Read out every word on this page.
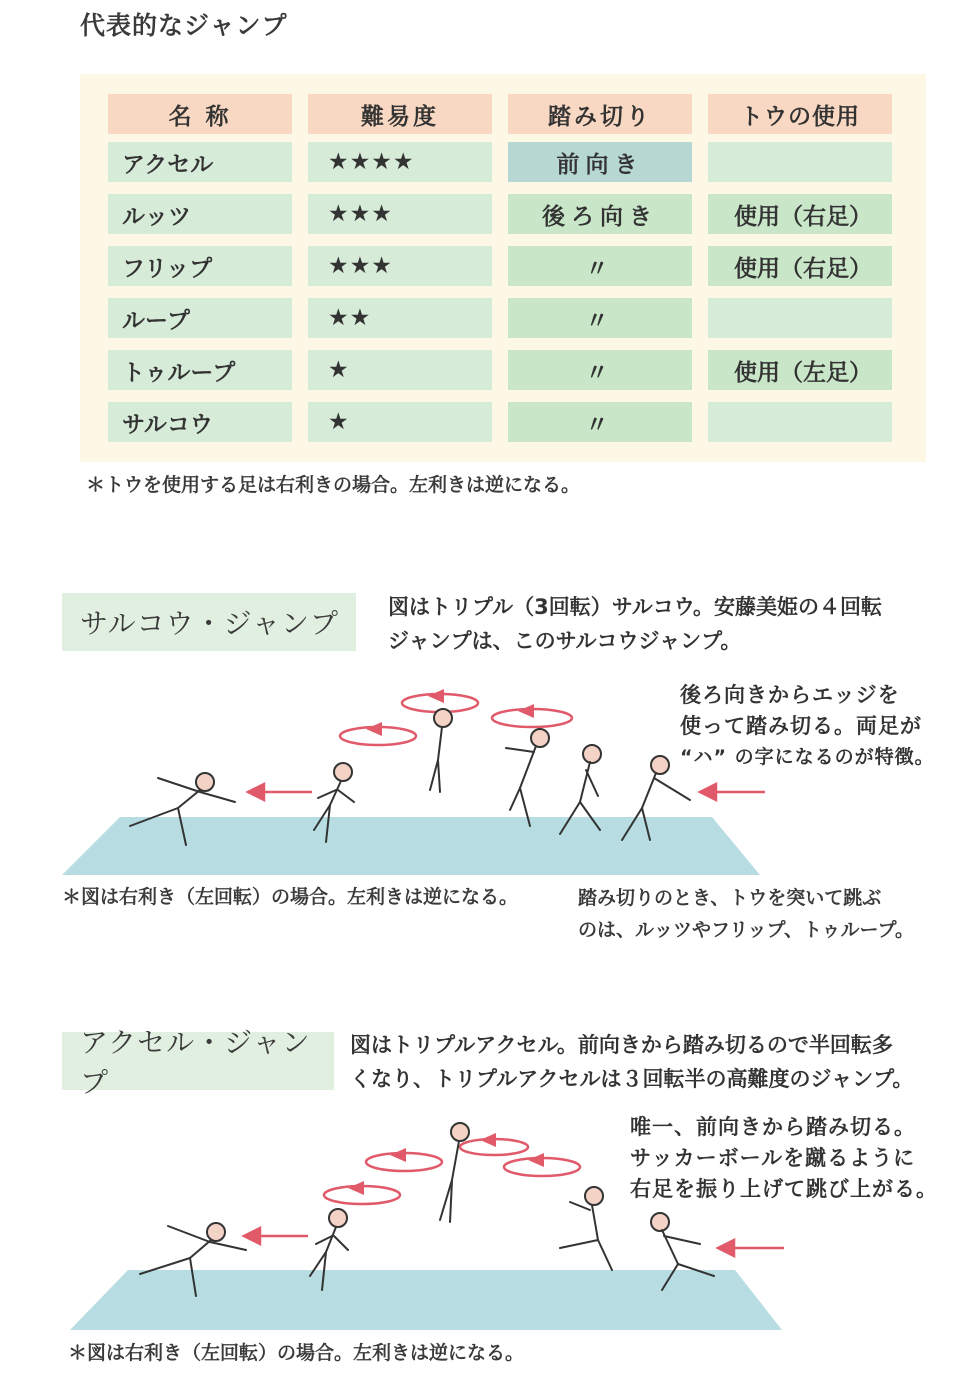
代表的なジャンプ
名 称	難易度	踏み切り	トウの使用
アクセル	★★★★	前向き
ルッツ	★★★	後ろ向き	使用（右足）
フリップ	★★★	〃	使用（右足）
ループ	★★	〃
トゥループ	★	〃	使用（左足）
サルコウ	★	〃
＊トウを使用する足は右利きの場合。左利きは逆になる。
サルコウ・ジャンプ	図はトリプル（3回転）サルコウ。安藤美姫の４回転
ジャンプは、このサルコウジャンプ。
後ろ向きからエッジを
使って踏み切る。両足が
“ハ” の字になるのが特徴。
＊図は右利き（左回転）の場合。左利きは逆になる。	踏み切りのとき、トウを突いて跳ぶ
のは、ルッツやフリップ、トゥループ。
アクセル・ジャンプ
図はトリプルアクセル。前向きから踏み切るので半回転多
くなり、トリプルアクセルは３回転半の高難度のジャンプ。
唯一、前向きから踏み切る。
サッカーボールを蹴るように
右足を振り上げて跳び上がる。
＊図は右利き（左回転）の場合。左利きは逆になる。
